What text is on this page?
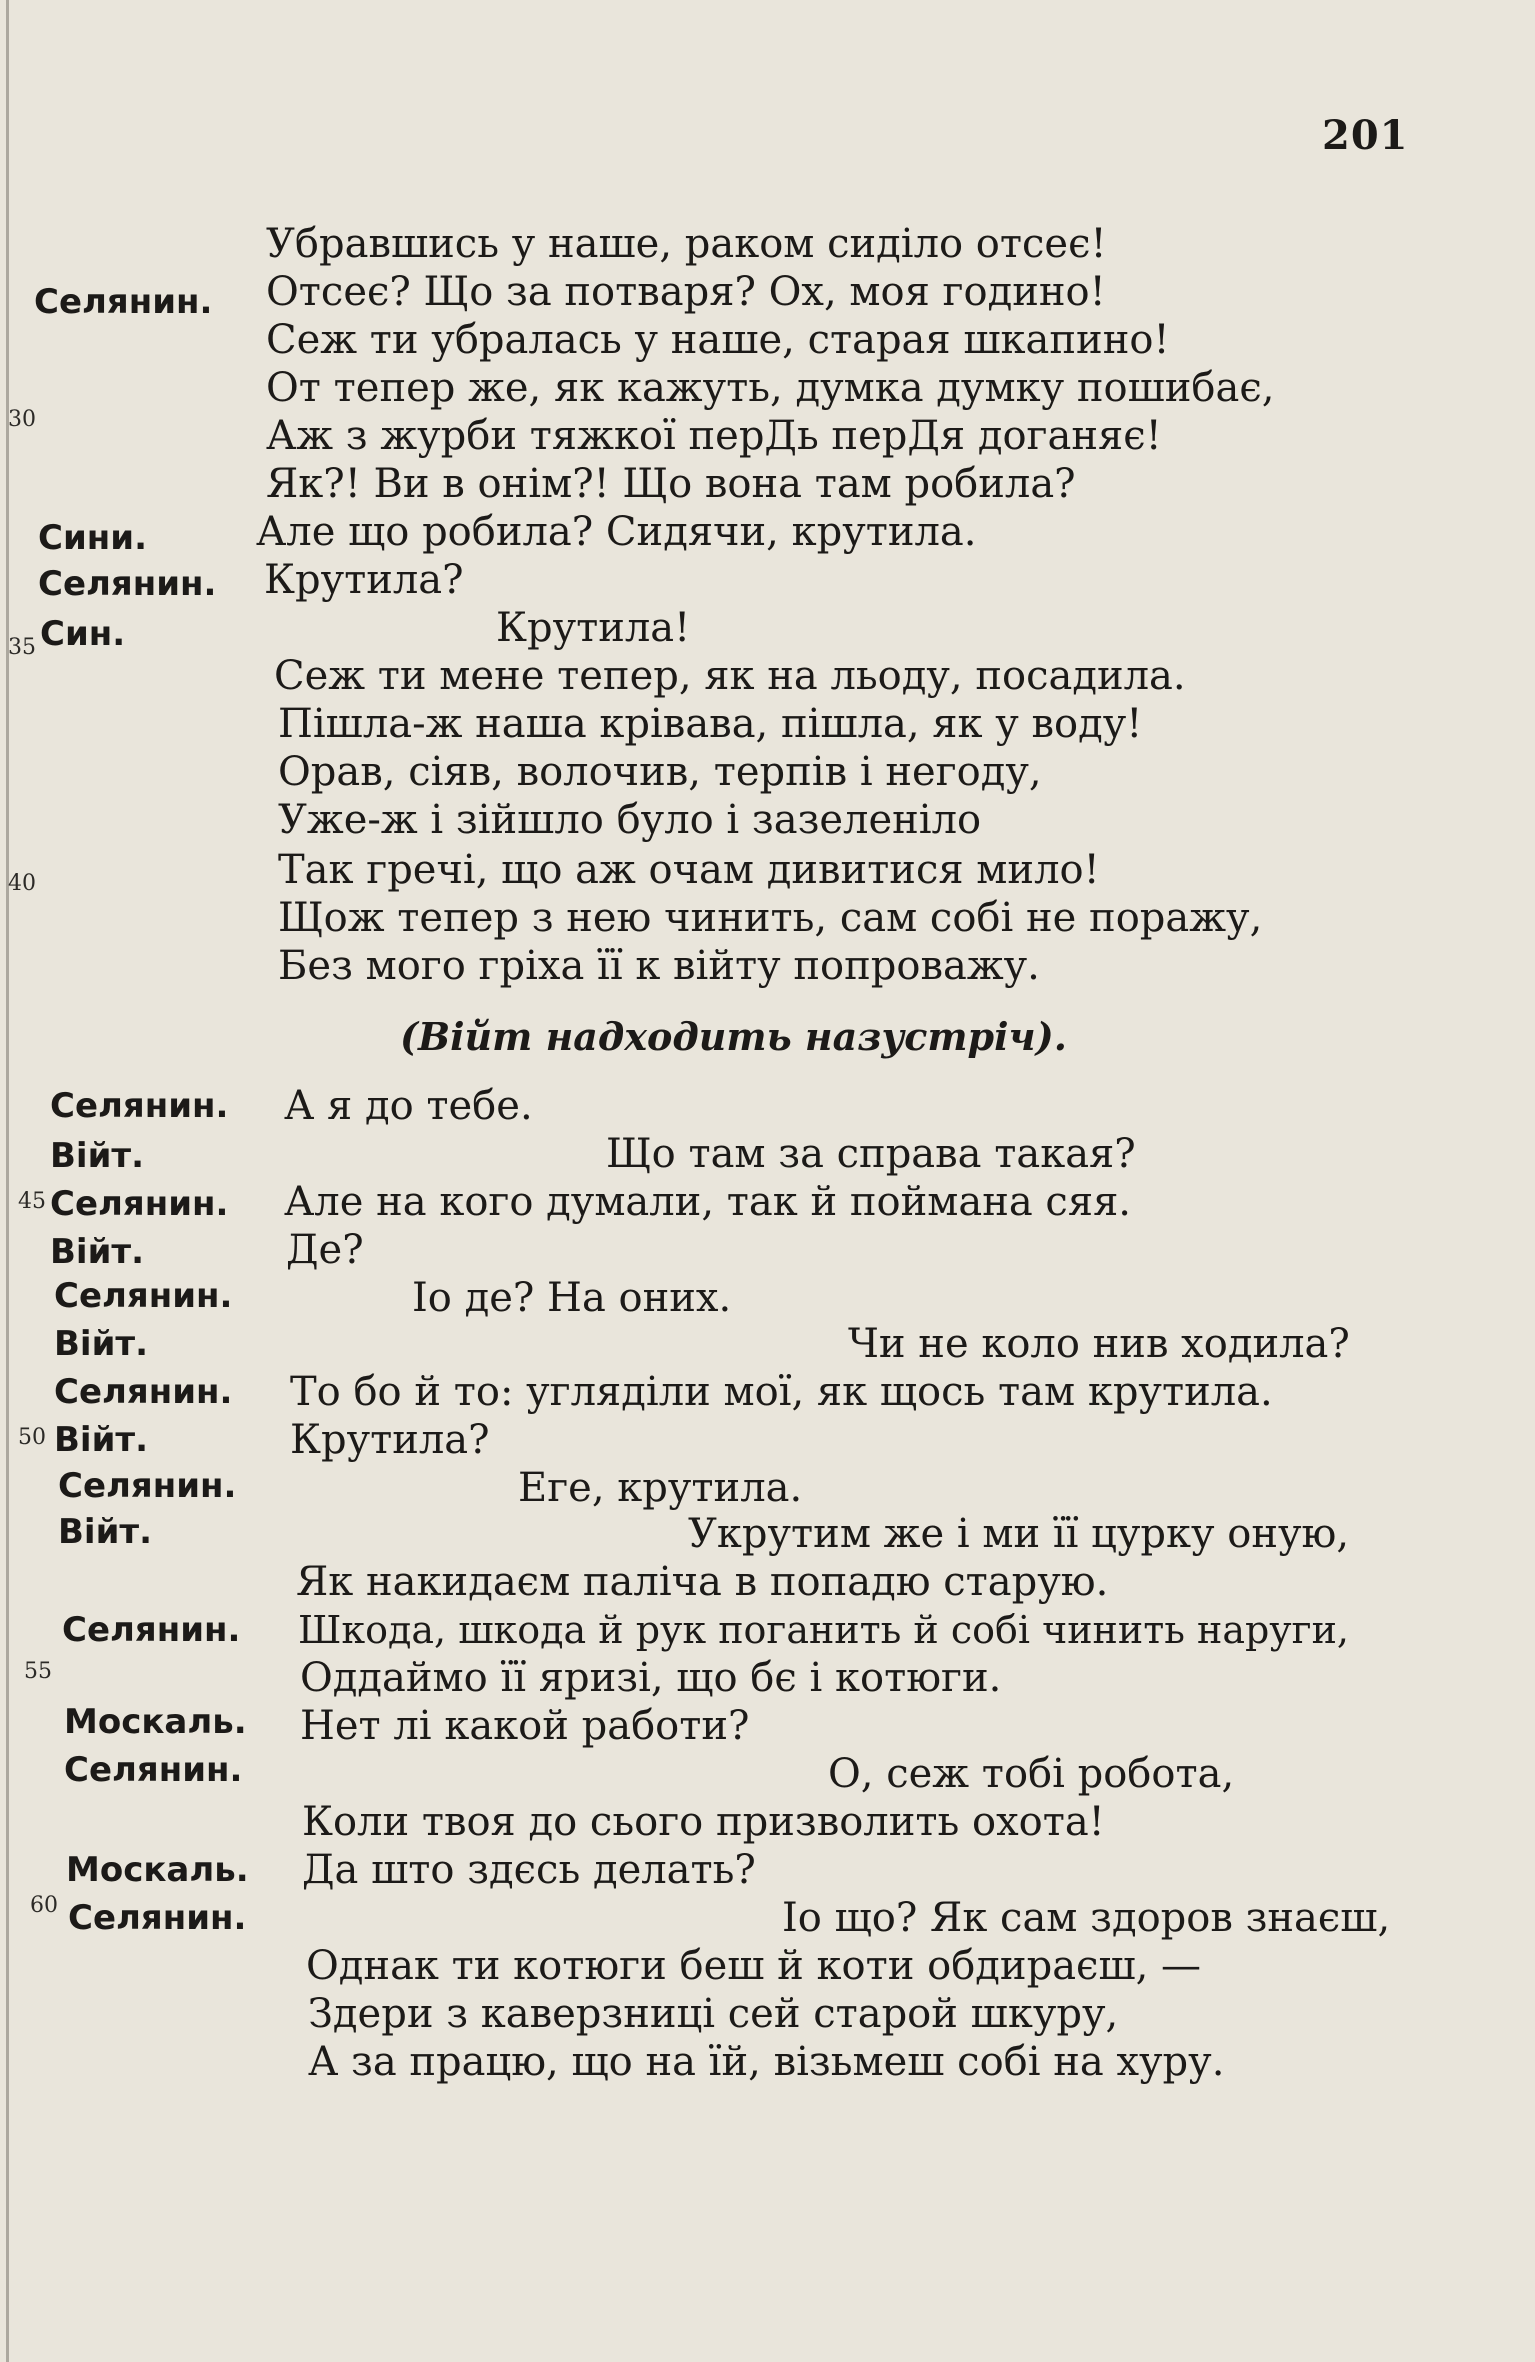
201
30
35
40
45
50
55
60
Селянин.
Сини.
Селянин.
Син.
Селянин.
Війт.
Селянин.
Війт.
Селянин.
Війт.
Селянин.
Війт.
Селянин.
Війт.
Селянин.
Москаль.
Селянин.
Москаль.
Селянин.
Убравшись у наше, раком сиділо отсеє!
Отсеє? Що за потваря? Ох, моя годино!
Сеж ти убралась у наше, старая шкапино!
От тепер же, як кажуть, думка думку пошибає,
Аж з журби тяжкої перДь перДя доганяє!
Як?! Ви в онім?! Що вона там робила?
Але що робила? Сидячи, крутила.
Крутила?
Крутила!
Сеж ти мене тепер, як на льоду, посадила.
Пішла-ж наша крівава, пішла, як у воду!
Орав, сіяв, волочив, терпів і негоду,
Уже-ж і зійшло було і зазеленіло
Так гречі, що аж очам дивитися мило!
Щож тепер з нею чинить, сам собі не поражу,
Без мого гріха її к війту попроважу.
(Війт надходить назустріч).
А я до тебе.
Що там за справа такая?
Але на кого думали, так й поймана сяя.
Де?
Іо де? На оних.
Чи не коло нив ходила?
То бо й то: угляділи мої, як щось там крутила.
Крутила?
Еге, крутила.
Укрутим же і ми її цурку оную,
Як накидаєм паліча в попадю старую.
Шкода, шкода й рук поганить й собі чинить наруги,
Оддаймо її яризі, що бє і котюги.
Нет лі какой работи?
О, сеж тобі робота,
Коли твоя до сього призволить охота!
Да што здєсь делать?
Іо що? Як сам здоров знаєш,
Однак ти котюги беш й коти обдираєш, —
Здери з каверзниці сей старой шкуру,
А за працю, що на їй, візьмеш собі на хуру.
